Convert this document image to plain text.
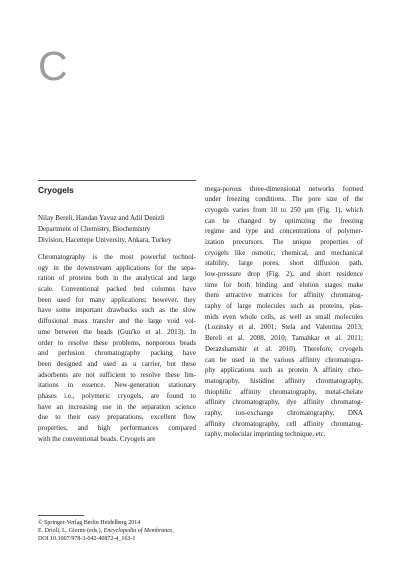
C
Cryogels
Nilay Bereli, Handan Yavuz and Adil Denizli
Department of Chemistry, Biochemistry
Division, Hacettepe University, Ankara, Turkey
Chromatography is the most powerful technol-
ogy in the downstream applications for the sepa-
ration of proteins both in the analytical and large
scale. Conventional packed bed columns have
been used for many applications; however, they
have some important drawbacks such as the slow
diffusional mass transfer and the large void vol-
ume between the beads (Gun'ko et al. 2013). In
order to resolve these problems, nonporous beads
and perfusion chromatography packing have
been designed and used as a carrier, but these
adsorbents are not sufficient to resolve these lim-
itations in essence. New-generation stationary
phases i.e., polymeric cryogels, are found to
have an increasing use in the separation science
due to their easy preparations, excellent flow
properties, and high performances compared
with the conventional beads. Cryogels are
mega-porous three-dimensional networks formed
under freezing conditions. The pore size of the
cryogels varies from 10 to 250 μm (Fig. 1), which
can be changed by optimizing the freezing
regime and type and concentrations of polymer-
ization precursors. The unique properties of
cryogels like osmotic, chemical, and mechanical
stability, large pores, short diffusion path,
low-pressure drop (Fig. 2), and short residence
time for both binding and elution stages make
them attractive matrices for affinity chromatog-
raphy of large molecules such as proteins, plas-
mids even whole cells, as well as small molecules
(Lozinsky et al. 2001; Stela and Valentina 2013;
Bereli et al. 2008, 2010; Tamahkar et al. 2011;
Derazshamshir et al. 2010). Therefore, cryogels
can be used in the various affinity chromatogra-
phy applications such as protein A affinity chro-
matography, histidine affinity chromatography,
thiophilic affinity chromatography, metal-chelate
affinity chromatography, dye affinity chromatog-
raphy, ion-exchange chromatography, DNA
affinity chromatography, cell affinity chromatog-
raphy, molecular imprinting technique, etc.
© Springer-Verlag Berlin Heidelberg 2014
E. Drioli, L. Giorno (eds.), Encyclopedia of Membranes,
DOI 10.1007/978-3-642-40872-4_163-1
